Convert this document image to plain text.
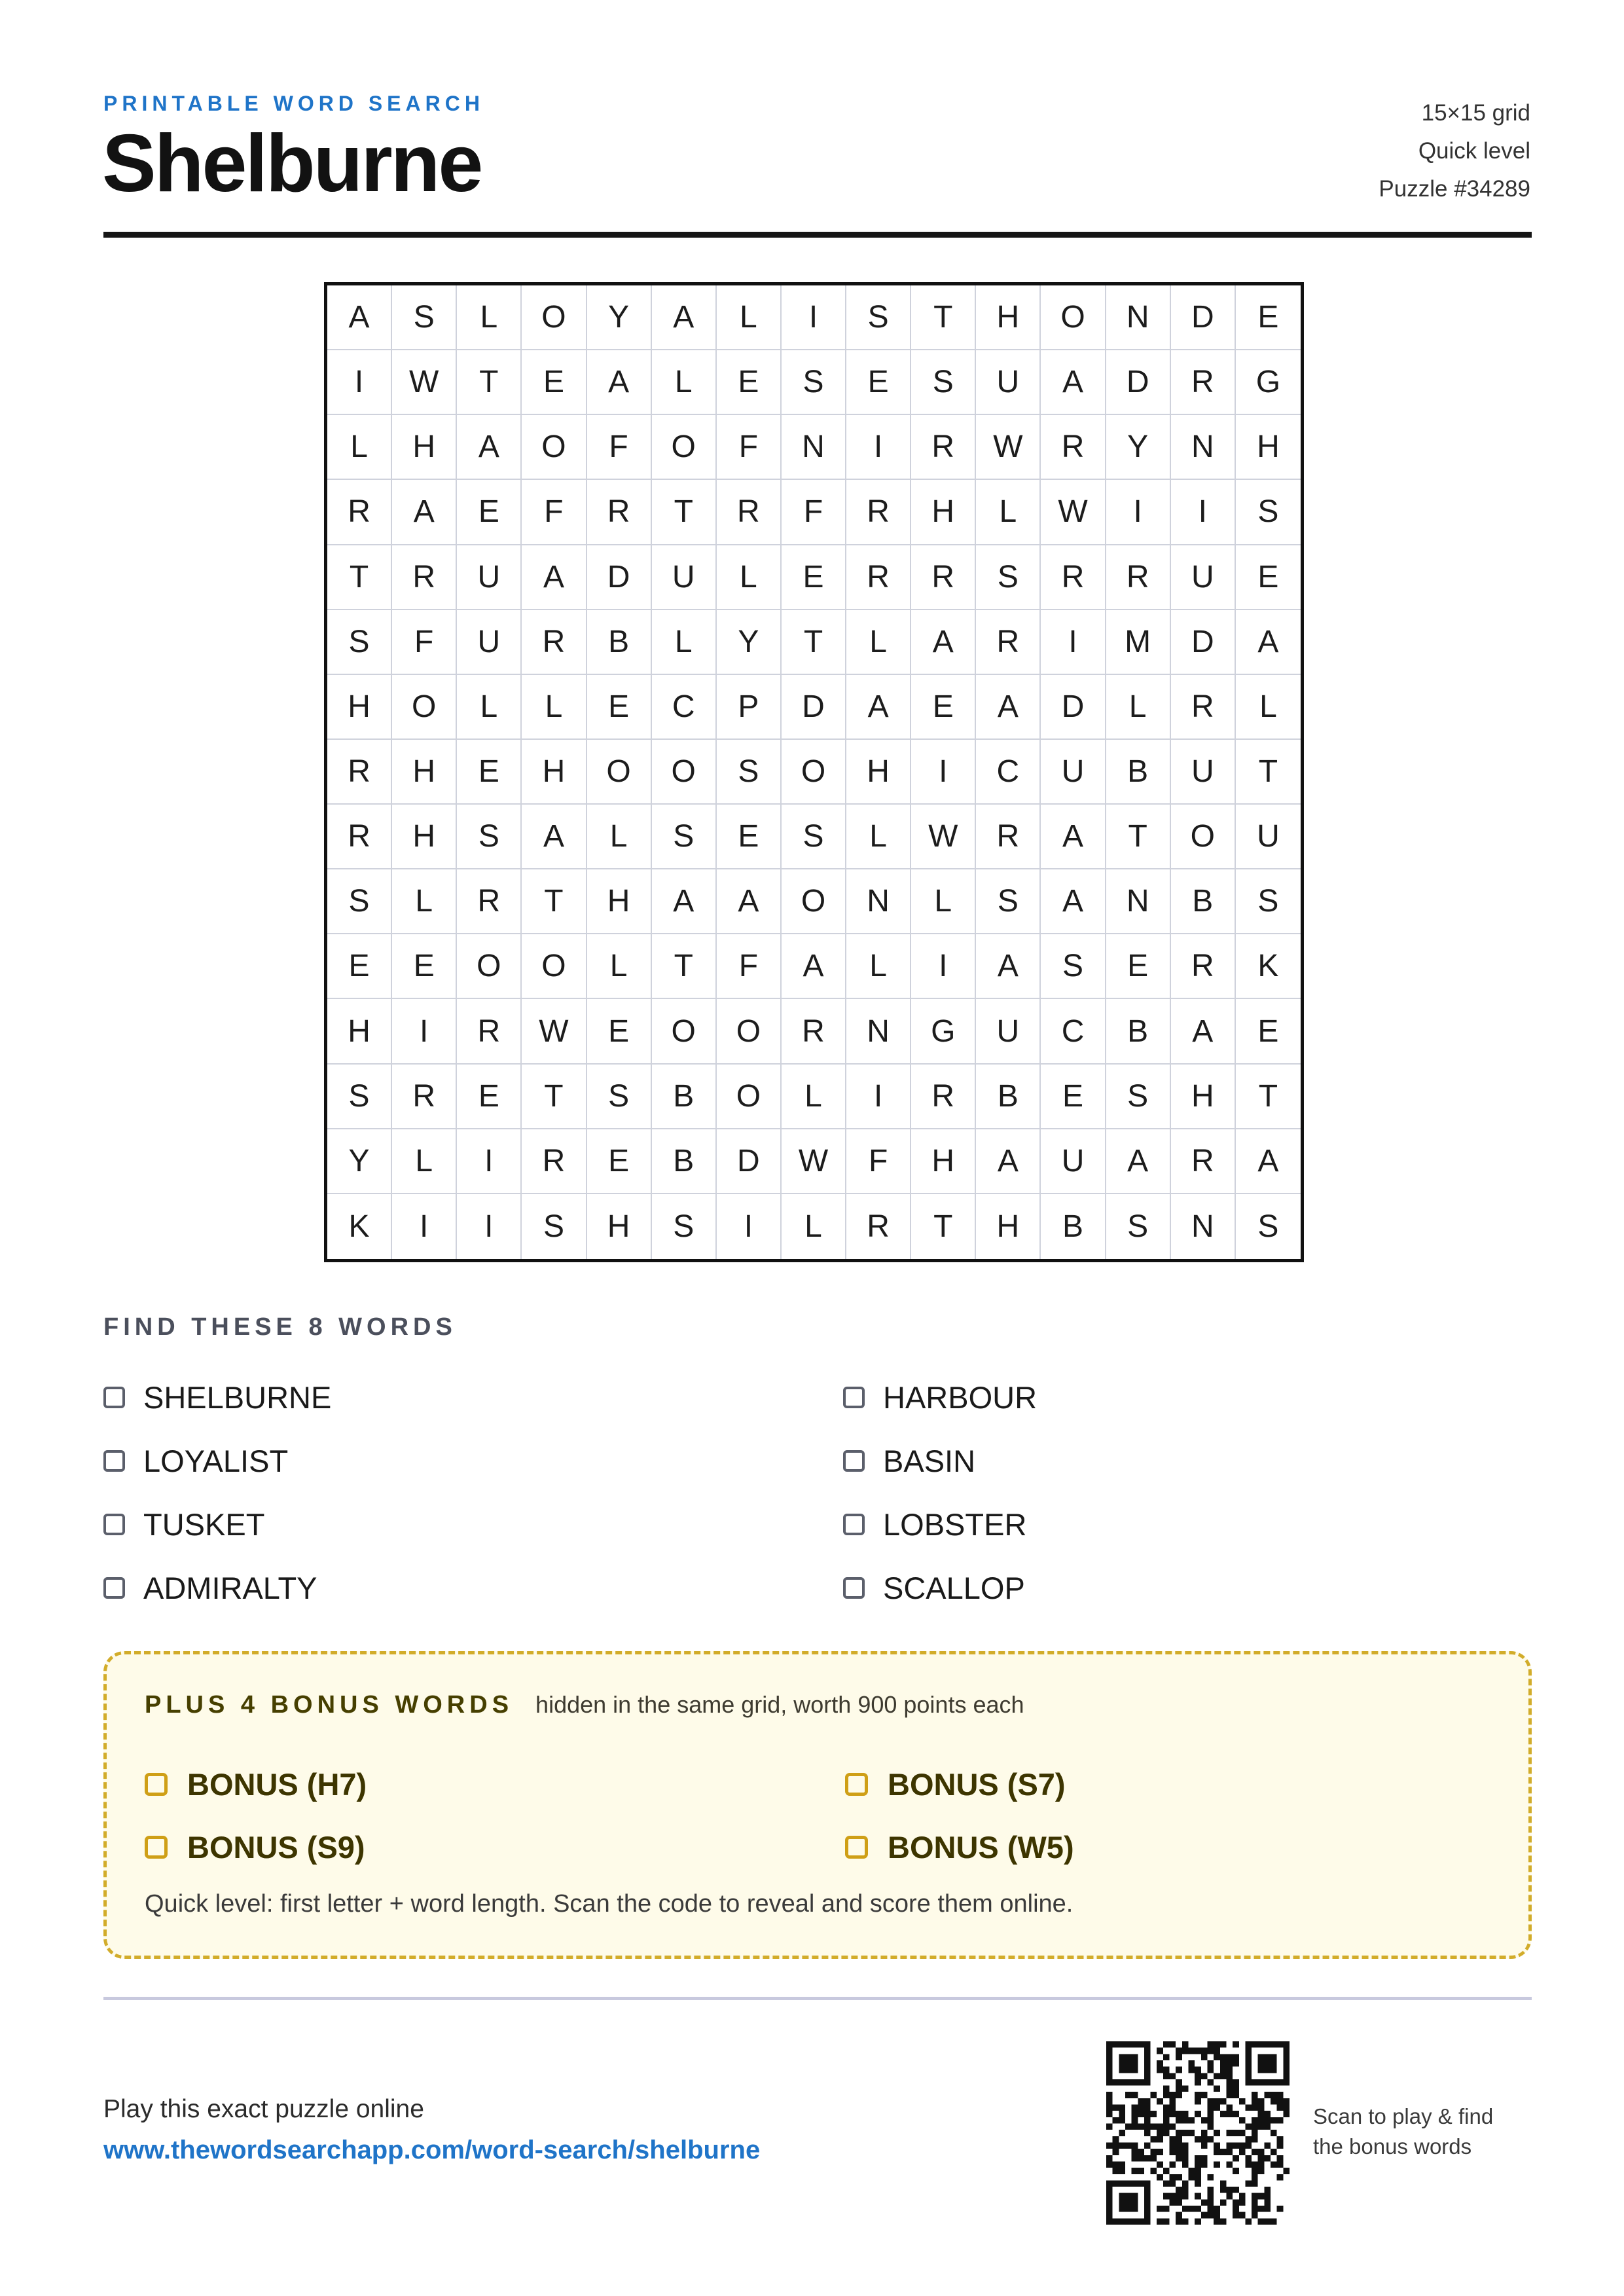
PRINTABLE WORD SEARCH
Shelburne
15×15 grid
Quick level
Puzzle #34289
A	S	L	O	Y	A	L	I	S	T	H	O	N	D	E
I	W	T	E	A	L	E	S	E	S	U	A	D	R	G
L	H	A	O	F	O	F	N	I	R	W	R	Y	N	H
R	A	E	F	R	T	R	F	R	H	L	W	I	I	S
T	R	U	A	D	U	L	E	R	R	S	R	R	U	E
S	F	U	R	B	L	Y	T	L	A	R	I	M	D	A
H	O	L	L	E	C	P	D	A	E	A	D	L	R	L
R	H	E	H	O	O	S	O	H	I	C	U	B	U	T
R	H	S	A	L	S	E	S	L	W	R	A	T	O	U
S	L	R	T	H	A	A	O	N	L	S	A	N	B	S
E	E	O	O	L	T	F	A	L	I	A	S	E	R	K
H	I	R	W	E	O	O	R	N	G	U	C	B	A	E
S	R	E	T	S	B	O	L	I	R	B	E	S	H	T
Y	L	I	R	E	B	D	W	F	H	A	U	A	R	A
K	I	I	S	H	S	I	L	R	T	H	B	S	N	S
FIND THESE 8 WORDS
SHELBURNE	HARBOUR
LOYALIST	BASIN
TUSKET	LOBSTER
ADMIRALTY	SCALLOP
PLUS 4 BONUS WORDS hidden in the same grid, worth 900 points each
BONUS (H7)	BONUS (S7)
BONUS (S9)	BONUS (W5)
Quick level: first letter + word length. Scan the code to reveal and score them online.
Play this exact puzzle online
www.thewordsearchapp.com/word-search/shelburne
Scan to play & find
the bonus words
